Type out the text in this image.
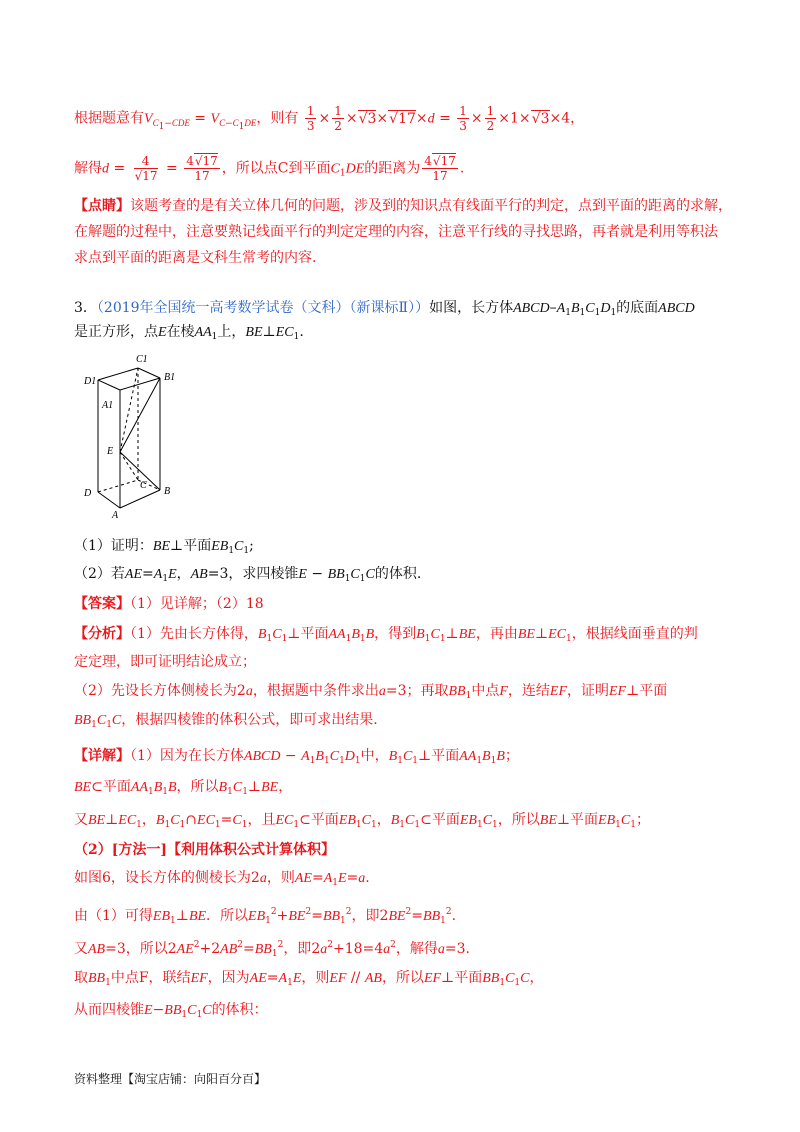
根据题意有$V_{C_1-CDE} = V_{C-C_1DE}$，则有 $\frac{1}{3} \times \frac{1}{2}$ ×√ 3×√ $17\times d = \frac{1}{3} \times \frac{1}{2} \times 1\times√$ 3×4，
解得d = 4
√ $17 = \frac{4√ 17}{17}$ ，所以点C到平面$C_1DE$的距离为 $\frac{4√ 17}{17}$ .
【点睛】该题考查的是有关立体几何的问题，涉及到的知识点有线面平行的判定，点到平面的距离的求解，
在解题的过程中，注意要熟记线面平行的判定定理的内容，注意平行线的寻找思路，再者就是利用等积法
求点到平面的距离是文科生常考的内容.
3．（2019年全国统一高考数学试卷（文科）（新课标Ⅱ））如图，长方体ABCD–$A_1B_1C_1D_1$的底面ABCD
是正方形，点E在棱$AA_1$上，$BE\perp EC_1$.
C1
D1	B1
A1
E
D
C
B
A
（1）证明：BE⊥平面$EB_1C_1$;
（2）若$AE=A_1E$，AB=3，求四棱锥$E - BB_1C_1C$的体积.
【答案】（1）见详解；（2）18
【分析】（1）先由长方体得，$B_1C_1\perp$平面$AA_1B_1B$，得到$B_1C_1\perp BE$，再由$BE\perp EC_1$，根据线面垂直的判
定定理，即可证明结论成立；
（2）先设长方体侧棱长为2a，根据题中条件求出a=3；再取$BB_1$中点F，连结EF，证明EF⊥平面
$BB_1C_1C$，根据四棱锥的体积公式，即可求出结果.
【详解】（1）因为在长方体ABCD − $A_1B_1C_1D_1$中，$B_1C_1\perp$平面$AA_1B_1B$；
BE⊂平面$AA_1B_1B$，所以$B_1C_1\perp BE$，
又$BE\perp EC_1$，$B_1C_1\cap EC_1=C_1$，且$EC_1\subset$平面$EB_1C_1$，$B_1C_1\subset$平面$EB_1C_1$，所以BE⊥平面$EB_1C_1$；
（2）[方法一]【利用体积公式计算体积】
如图6，设长方体的侧棱长为2a，则$AE=A_1E=a$.
由（1）可得$EB_1\perp BE$．所以$EB_1^2+BE^2=BB_1^2$，即$2BE^2=BB_1^2$.
又AB=3，所以$2AE^2+2AB^2=BB_1^2$，即$2a^2+18=4a^2$，解得a=3.
取$BB_1$中点F，联结EF，因为$AE=A_1E$，则EF // AB，所以EF⊥平面$BB_1C_1C$，
从而四棱锥$E-BB_1C_1C$的体积：
资料整理【淘宝店铺：向阳百分百】
